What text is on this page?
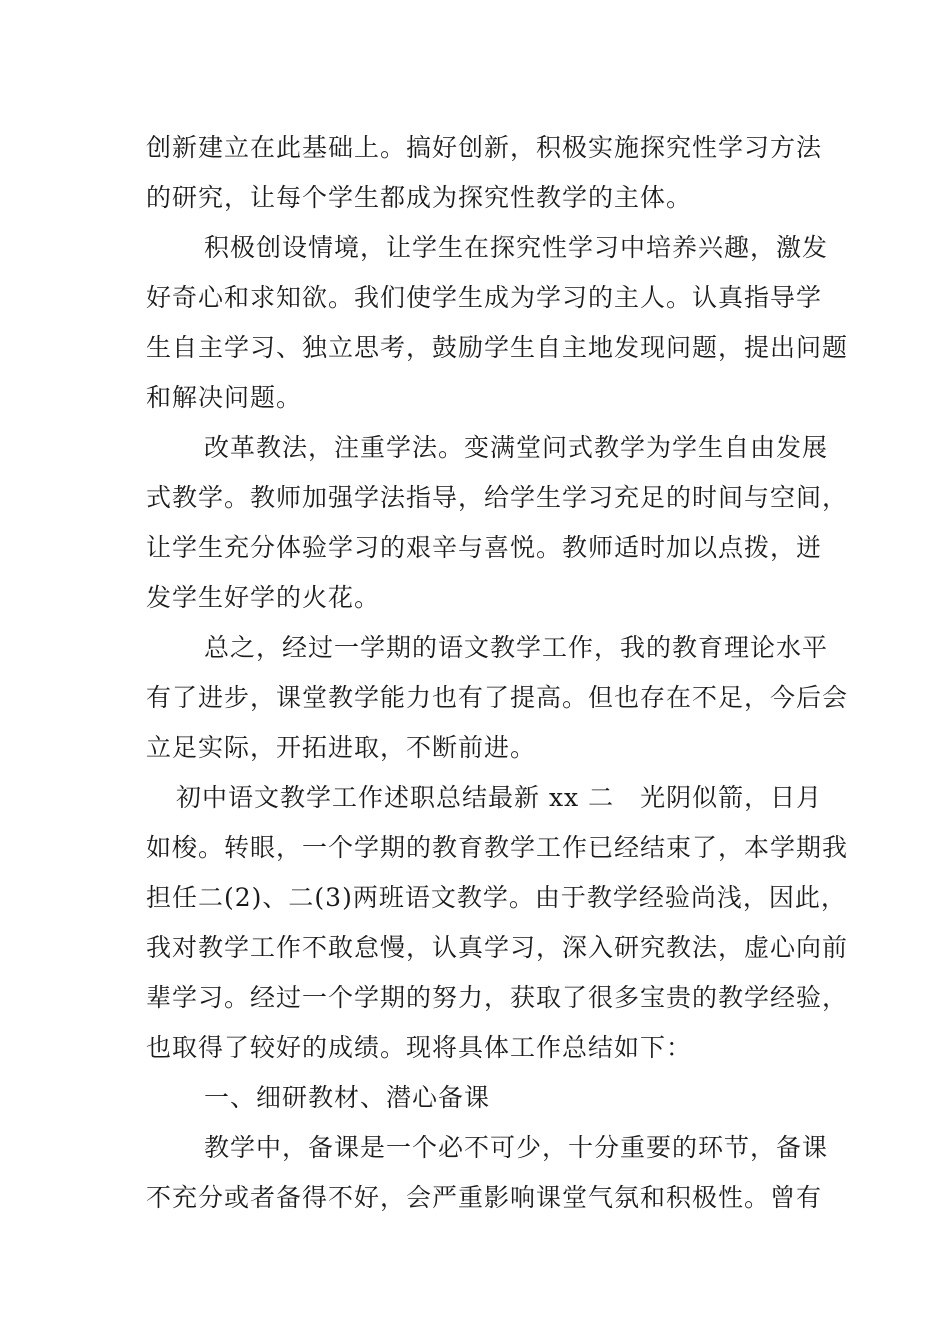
创新建立在此基础上。搞好创新，积极实施探究性学习方法
的研究，让每个学生都成为探究性教学的主体。
积极创设情境，让学生在探究性学习中培养兴趣，激发
好奇心和求知欲。我们使学生成为学习的主人。认真指导学
生自主学习、独立思考，鼓励学生自主地发现问题，提出问题
和解决问题。
改革教法，注重学法。变满堂问式教学为学生自由发展
式教学。教师加强学法指导，给学生学习充足的时间与空间，
让学生充分体验学习的艰辛与喜悦。教师适时加以点拨，迸
发学生好学的火花。
总之，经过一学期的语文教学工作，我的教育理论水平
有了进步，课堂教学能力也有了提高。但也存在不足，今后会
立足实际，开拓进取，不断前进。
初中语文教学工作述职总结最新 xx 二　光阴似箭，日月
如梭。转眼，一个学期的教育教学工作已经结束了，本学期我
担任二(2)、二(3)两班语文教学。由于教学经验尚浅，因此，
我对教学工作不敢怠慢，认真学习，深入研究教法，虚心向前
辈学习。经过一个学期的努力，获取了很多宝贵的教学经验，
也取得了较好的成绩。现将具体工作总结如下：
一、细研教材、潜心备课
教学中，备课是一个必不可少，十分重要的环节，备课
不充分或者备得不好，会严重影响课堂气氛和积极性。曾有
